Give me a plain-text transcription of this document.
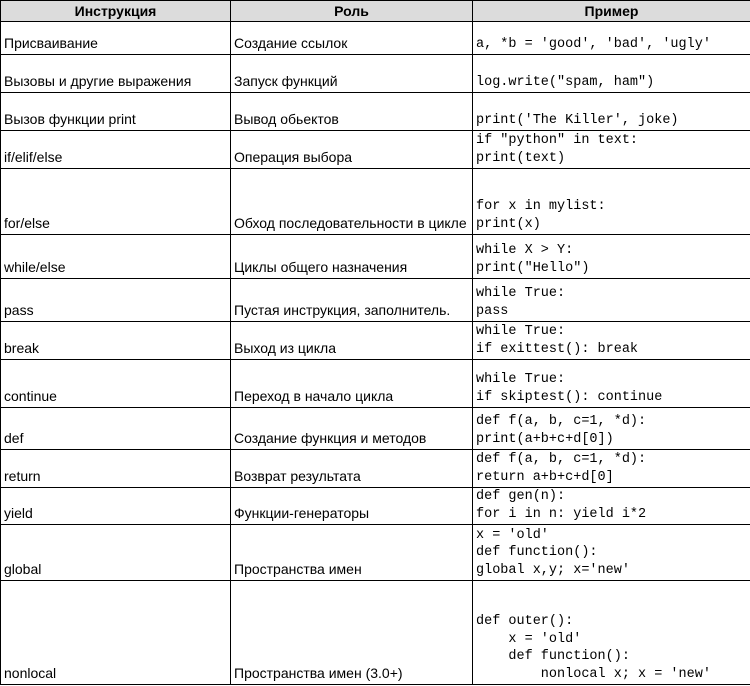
Инструкция	Роль	Пример
Присваивание	Создание ссылок	a, *b = 'good', 'bad', 'ugly'

Вызовы и другие выражения	Запуск функций	log.write("spam, ham")

Вызов функции print	Вывод обьектов	print('The Killer', joke)

if/elif/else	Операция выбора	if "python" in text:
print(text)

for/else	Обход последовательности в цикле	for x in mylist:
print(x)

while/else	Циклы общего назначения	while X > Y:
print("Hello")

pass	Пустая инструкция, заполнитель.	while True:
pass

break	Выход из цикла	while True:
if exittest(): break

continue	Переход в начало цикла	while True:
if skiptest(): continue

def	Создание функция и методов	def f(a, b, c=1, *d):
print(a+b+c+d[0])

return	Возврат результата	def f(a, b, c=1, *d):
return a+b+c+d[0]

yield	Функции-генераторы	def gen(n):
for i in n: yield i*2

global	Пространства имен	x = 'old'
def function():
global x,y; x='new'

nonlocal	Пространства имен (3.0+)	def outer():
x = 'old'
def function():
nonlocal x; x = 'new'
